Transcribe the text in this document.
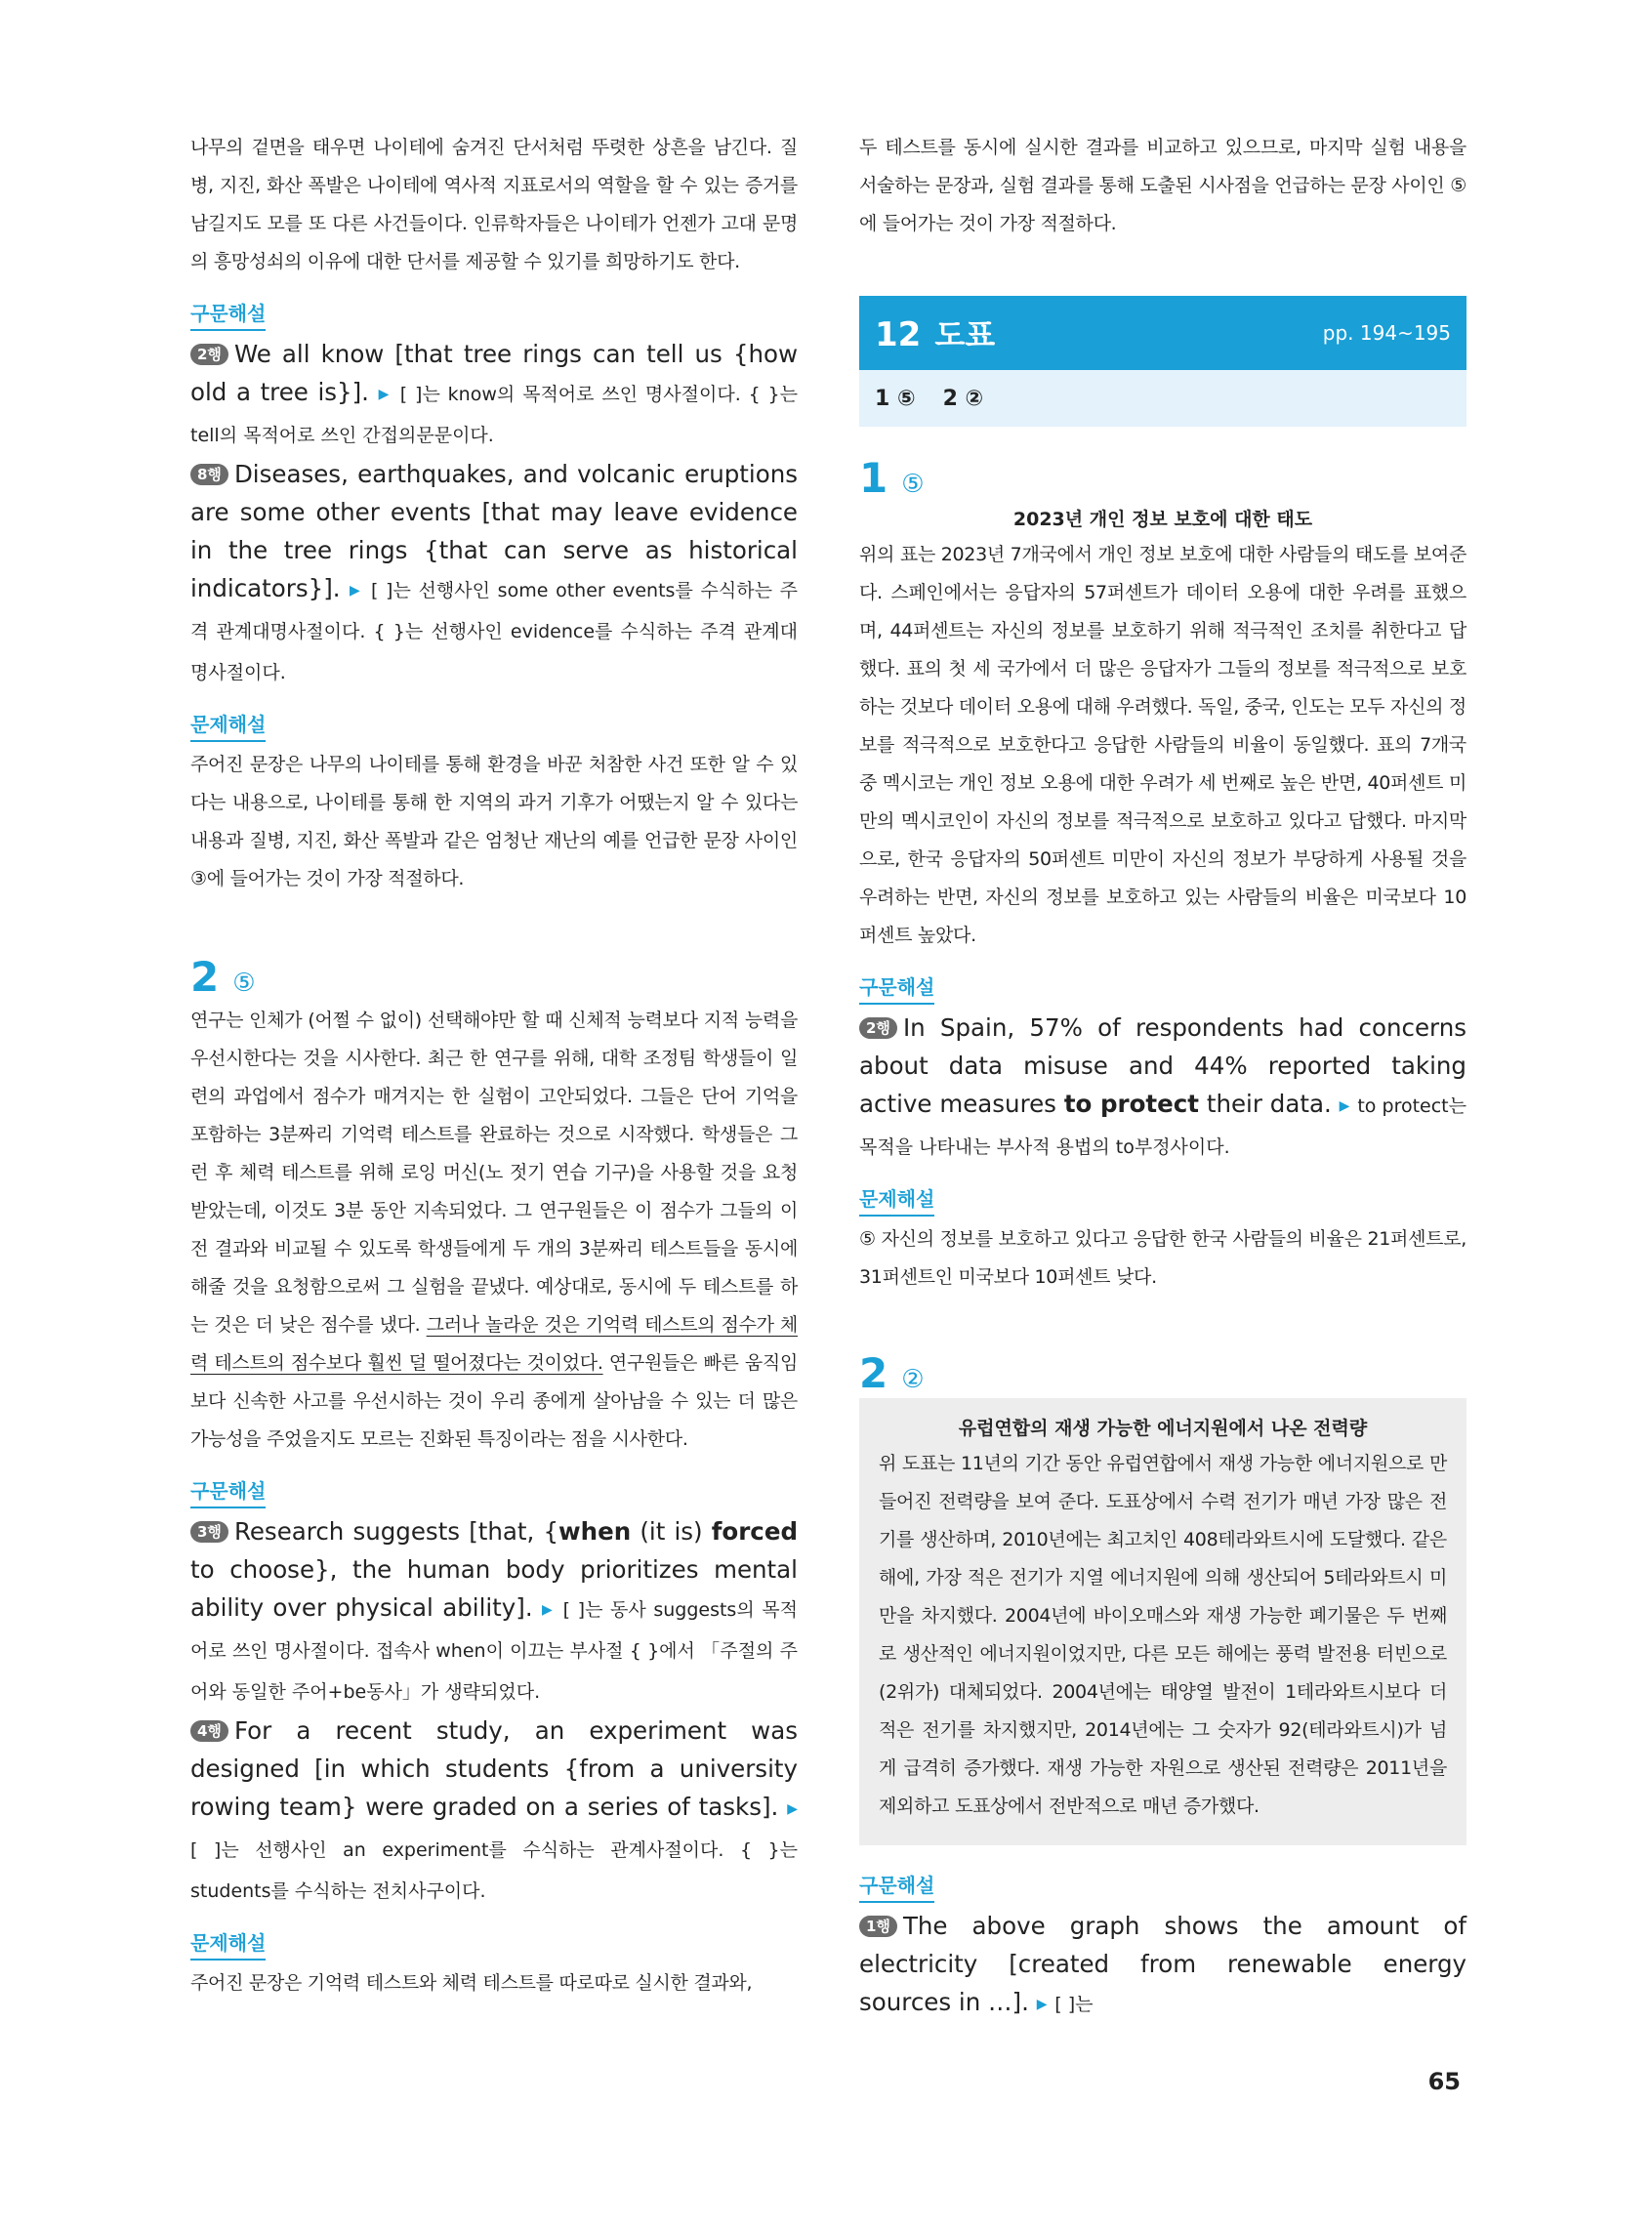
나무의 겉면을 태우면 나이테에 숨겨진 단서처럼 뚜렷한 상흔을 남긴다. 질병, 지진, 화산 폭발은 나이테에 역사적 지표로서의 역할을 할 수 있는 증거를 남길지도 모를 또 다른 사건들이다. 인류학자들은 나이테가 언젠가 고대 문명의 흥망성쇠의 이유에 대한 단서를 제공할 수 있기를 희망하기도 한다.

구문해설

2행 We all know [that tree rings can tell us {how old a tree is}]. ▶ [ ]는 know의 목적어로 쓰인 명사절이다. { }는 tell의 목적어로 쓰인 간접의문문이다.

8행 Diseases, earthquakes, and volcanic eruptions are some other events [that may leave evidence in the tree rings {that can serve as historical indicators}]. ▶ [ ]는 선행사인 some other events를 수식하는 주격 관계대명사절이다. { }는 선행사인 evidence를 수식하는 주격 관계대명사절이다.

문제해설

주어진 문장은 나무의 나이테를 통해 환경을 바꾼 처참한 사건 또한 알 수 있다는 내용으로, 나이테를 통해 한 지역의 과거 기후가 어땠는지 알 수 있다는 내용과 질병, 지진, 화산 폭발과 같은 엄청난 재난의 예를 언급한 문장 사이인 ③에 들어가는 것이 가장 적절하다.

2 ⑤

연구는 인체가 (어쩔 수 없이) 선택해야만 할 때 신체적 능력보다 지적 능력을 우선시한다는 것을 시사한다. 최근 한 연구를 위해, 대학 조정팀 학생들이 일련의 과업에서 점수가 매겨지는 한 실험이 고안되었다. 그들은 단어 기억을 포함하는 3분짜리 기억력 테스트를 완료하는 것으로 시작했다. 학생들은 그런 후 체력 테스트를 위해 로잉 머신(노 젓기 연습 기구)을 사용할 것을 요청받았는데, 이것도 3분 동안 지속되었다. 그 연구원들은 이 점수가 그들의 이전 결과와 비교될 수 있도록 학생들에게 두 개의 3분짜리 테스트들을 동시에 해줄 것을 요청함으로써 그 실험을 끝냈다. 예상대로, 동시에 두 테스트를 하는 것은 더 낮은 점수를 냈다. 그러나 놀라운 것은 기억력 테스트의 점수가 체력 테스트의 점수보다 훨씬 덜 떨어졌다는 것이었다. 연구원들은 빠른 움직임보다 신속한 사고를 우선시하는 것이 우리 종에게 살아남을 수 있는 더 많은 가능성을 주었을지도 모르는 진화된 특징이라는 점을 시사한다.

구문해설

3행 Research suggests [that, {when (it is) forced to choose}, the human body prioritizes mental ability over physical ability]. ▶ [ ]는 동사 suggests의 목적어로 쓰인 명사절이다. 접속사 when이 이끄는 부사절 { }에서 「주절의 주어와 동일한 주어+be동사」가 생략되었다.

4행 For a recent study, an experiment was designed [in which students {from a university rowing team} were graded on a series of tasks]. ▶ [ ]는 선행사인 an experiment를 수식하는 관계사절이다. { }는 students를 수식하는 전치사구이다.

문제해설

주어진 문장은 기억력 테스트와 체력 테스트를 따로따로 실시한 결과와,

두 테스트를 동시에 실시한 결과를 비교하고 있으므로, 마지막 실험 내용을 서술하는 문장과, 실험 결과를 통해 도출된 시사점을 언급하는 문장 사이인 ⑤에 들어가는 것이 가장 적절하다.

12 도표	pp. 194~195
1 ⑤ 2 ②
1 ⑤

2023년 개인 정보 보호에 대한 태도

위의 표는 2023년 7개국에서 개인 정보 보호에 대한 사람들의 태도를 보여준다. 스페인에서는 응답자의 57퍼센트가 데이터 오용에 대한 우려를 표했으며, 44퍼센트는 자신의 정보를 보호하기 위해 적극적인 조치를 취한다고 답했다. 표의 첫 세 국가에서 더 많은 응답자가 그들의 정보를 적극적으로 보호하는 것보다 데이터 오용에 대해 우려했다. 독일, 중국, 인도는 모두 자신의 정보를 적극적으로 보호한다고 응답한 사람들의 비율이 동일했다. 표의 7개국 중 멕시코는 개인 정보 오용에 대한 우려가 세 번째로 높은 반면, 40퍼센트 미만의 멕시코인이 자신의 정보를 적극적으로 보호하고 있다고 답했다. 마지막으로, 한국 응답자의 50퍼센트 미만이 자신의 정보가 부당하게 사용될 것을 우려하는 반면, 자신의 정보를 보호하고 있는 사람들의 비율은 미국보다 10퍼센트 높았다.

구문해설

2행 In Spain, 57% of respondents had concerns about data misuse and 44% reported taking active measures to protect their data. ▶ to protect는 목적을 나타내는 부사적 용법의 to부정사이다.

문제해설

⑤ 자신의 정보를 보호하고 있다고 응답한 한국 사람들의 비율은 21퍼센트로, 31퍼센트인 미국보다 10퍼센트 낮다.

2 ②

유럽연합의 재생 가능한 에너지원에서 나온 전력량

위 도표는 11년의 기간 동안 유럽연합에서 재생 가능한 에너지원으로 만들어진 전력량을 보여 준다. 도표상에서 수력 전기가 매년 가장 많은 전기를 생산하며, 2010년에는 최고치인 408테라와트시에 도달했다. 같은 해에, 가장 적은 전기가 지열 에너지원에 의해 생산되어 5테라와트시 미만을 차지했다. 2004년에 바이오매스와 재생 가능한 폐기물은 두 번째로 생산적인 에너지원이었지만, 다른 모든 해에는 풍력 발전용 터빈으로 (2위가) 대체되었다. 2004년에는 태양열 발전이 1테라와트시보다 더 적은 전기를 차지했지만, 2014년에는 그 숫자가 92(테라와트시)가 넘게 급격히 증가했다. 재생 가능한 자원으로 생산된 전력량은 2011년을 제외하고 도표상에서 전반적으로 매년 증가했다.

구문해설

1행 The above graph shows the amount of electricity [created from renewable energy sources in …]. ▶ [ ]는

65
